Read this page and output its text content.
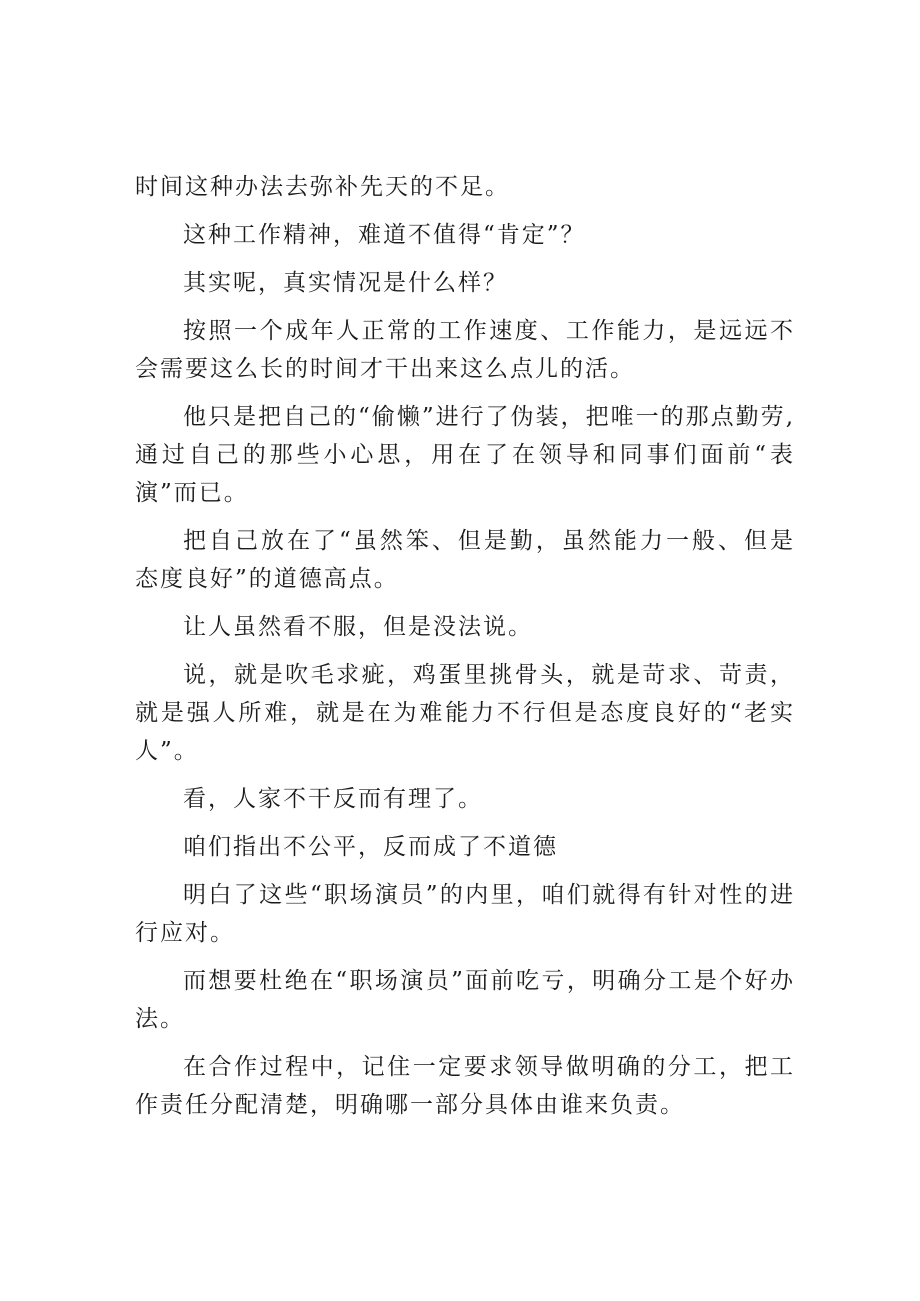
时间这种办法去弥补先天的不足。

这种工作精神，难道不值得“肯定”？

其实呢，真实情况是什么样？

按照一个成年人正常的工作速度、工作能力，是远远不会需要这么长的时间才干出来这么点儿的活。

他只是把自己的“偷懒”进行了伪装，把唯一的那点勤劳,通过自己的那些小心思，用在了在领导和同事们面前“表演”而已。

把自己放在了“虽然笨、但是勤，虽然能力一般、但是态度良好”的道德高点。

让人虽然看不服，但是没法说。

说，就是吹毛求疵，鸡蛋里挑骨头，就是苛求、苛责，就是强人所难，就是在为难能力不行但是态度良好的“老实人”。

看，人家不干反而有理了。

咱们指出不公平，反而成了不道德

明白了这些“职场演员”的内里，咱们就得有针对性的进行应对。

而想要杜绝在“职场演员”面前吃亏，明确分工是个好办法。

在合作过程中，记住一定要求领导做明确的分工，把工作责任分配清楚，明确哪一部分具体由谁来负责。
